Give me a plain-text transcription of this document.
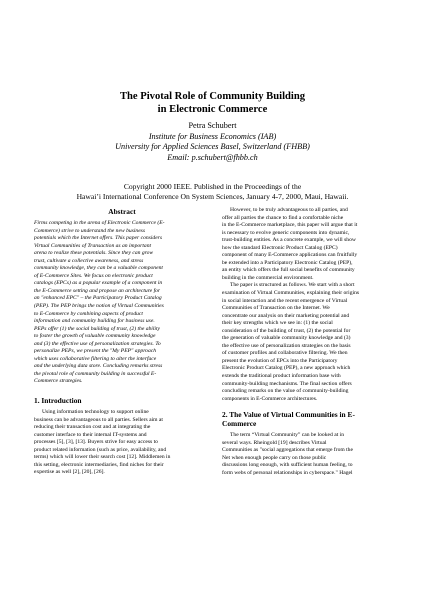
The Pivotal Role of Community Building
in Electronic Commerce
Petra Schubert
Institute for Business Economics (IAB)
University for Applied Sciences Basel, Switzerland (FHBB)
Email: p.schubert@fhbb.ch
Copyright 2000 IEEE. Published in the Proceedings of the
Hawai’i International Conference On System Sciences, January 4-7, 2000, Maui, Hawaii.
Abstract
Firms competing in the arena of Electronic Commerce (E-
Commerce) strive to understand the new business
potentials which the Internet offers. This paper considers
Virtual Communities of Transaction as an important
arena to realize these potentials. Since they can grow
trust, cultivate a collective awareness, and stress
community knowledge, they can be a valuable component
of E-Commerce Sites. We focus on electronic product
catalogs (EPCs) as a popular example of a component in
the E-Commerce setting and propose an architecture for
an "enhanced EPC" – the Participatory Product Catalog
(PEP). The PEP brings the notion of Virtual Communities
to E-Commerce by combining aspects of product
information and community building for business use.
PEPs offer (1) the social building of trust, (2) the ability
to foster the growth of valuable community knowledge
and (3) the effective use of personalization strategies. To
personalize PEPs, we present the "My PEP" approach
which uses collaborative filtering to alter the interface
and the underlying data store. Concluding remarks stress
the pivotal role of community building in successful E-
Commerce strategies.
1. Introduction
Using information technology to support online
business can be advantageous to all parties. Sellers aim at
reducing their transaction cost and at integrating the
customer interface to their internal IT-systems and
processes [5], [3], [13]. Buyers strive for easy access to
product related information (such as price, availability, and
terms) which will lower their search cost [12]. Middlemen in
this setting, electronic intermediaries, find niches for their
expertise as well [2], [20], [26].
However, to be truly advantageous to all parties, and
offer all parties the chance to find a comfortable niche
in the E-Commerce marketplace, this paper will argue that it
is necessary to evolve generic components into dynamic,
trust-building entities. As a concrete example, we will show
how the standard Electronic Product Catalog (EPC)
component of many E-Commerce applications can fruitfully
be extended into a Participatory Electronic Catalog (PEP),
an entity which offers the full social benefits of community
building in the commercial environment.
The paper is structured as follows. We start with a short
examination of Virtual Communities, explaining their origins
in social interaction and the recent emergence of Virtual
Communities of Transaction on the Internet. We
concentrate our analysis on their marketing potential and
their key strengths which we see in: (1) the social
consideration of the building of trust, (2) the potential for
the generation of valuable community knowledge and (3)
the effective use of personalization strategies on the basis
of customer profiles and collaborative filtering. We then
present the evolution of EPCs into the Participatory
Electronic Product Catalog (PEP), a new approach which
extends the traditional product information base with
community-building mechanisms. The final section offers
concluding remarks on the value of community-building
components in E-Commerce architectures.
2. The Value of Virtual Communities in E-
Commerce
The term “Virtual Community” can be looked at in
several ways. Rheingold [19] describes Virtual
Communities as "social aggregations that emerge from the
Net when enough people carry on those public
discussions long enough, with sufficient human feeling, to
form webs of personal relationships in cyberspace." Hagel
